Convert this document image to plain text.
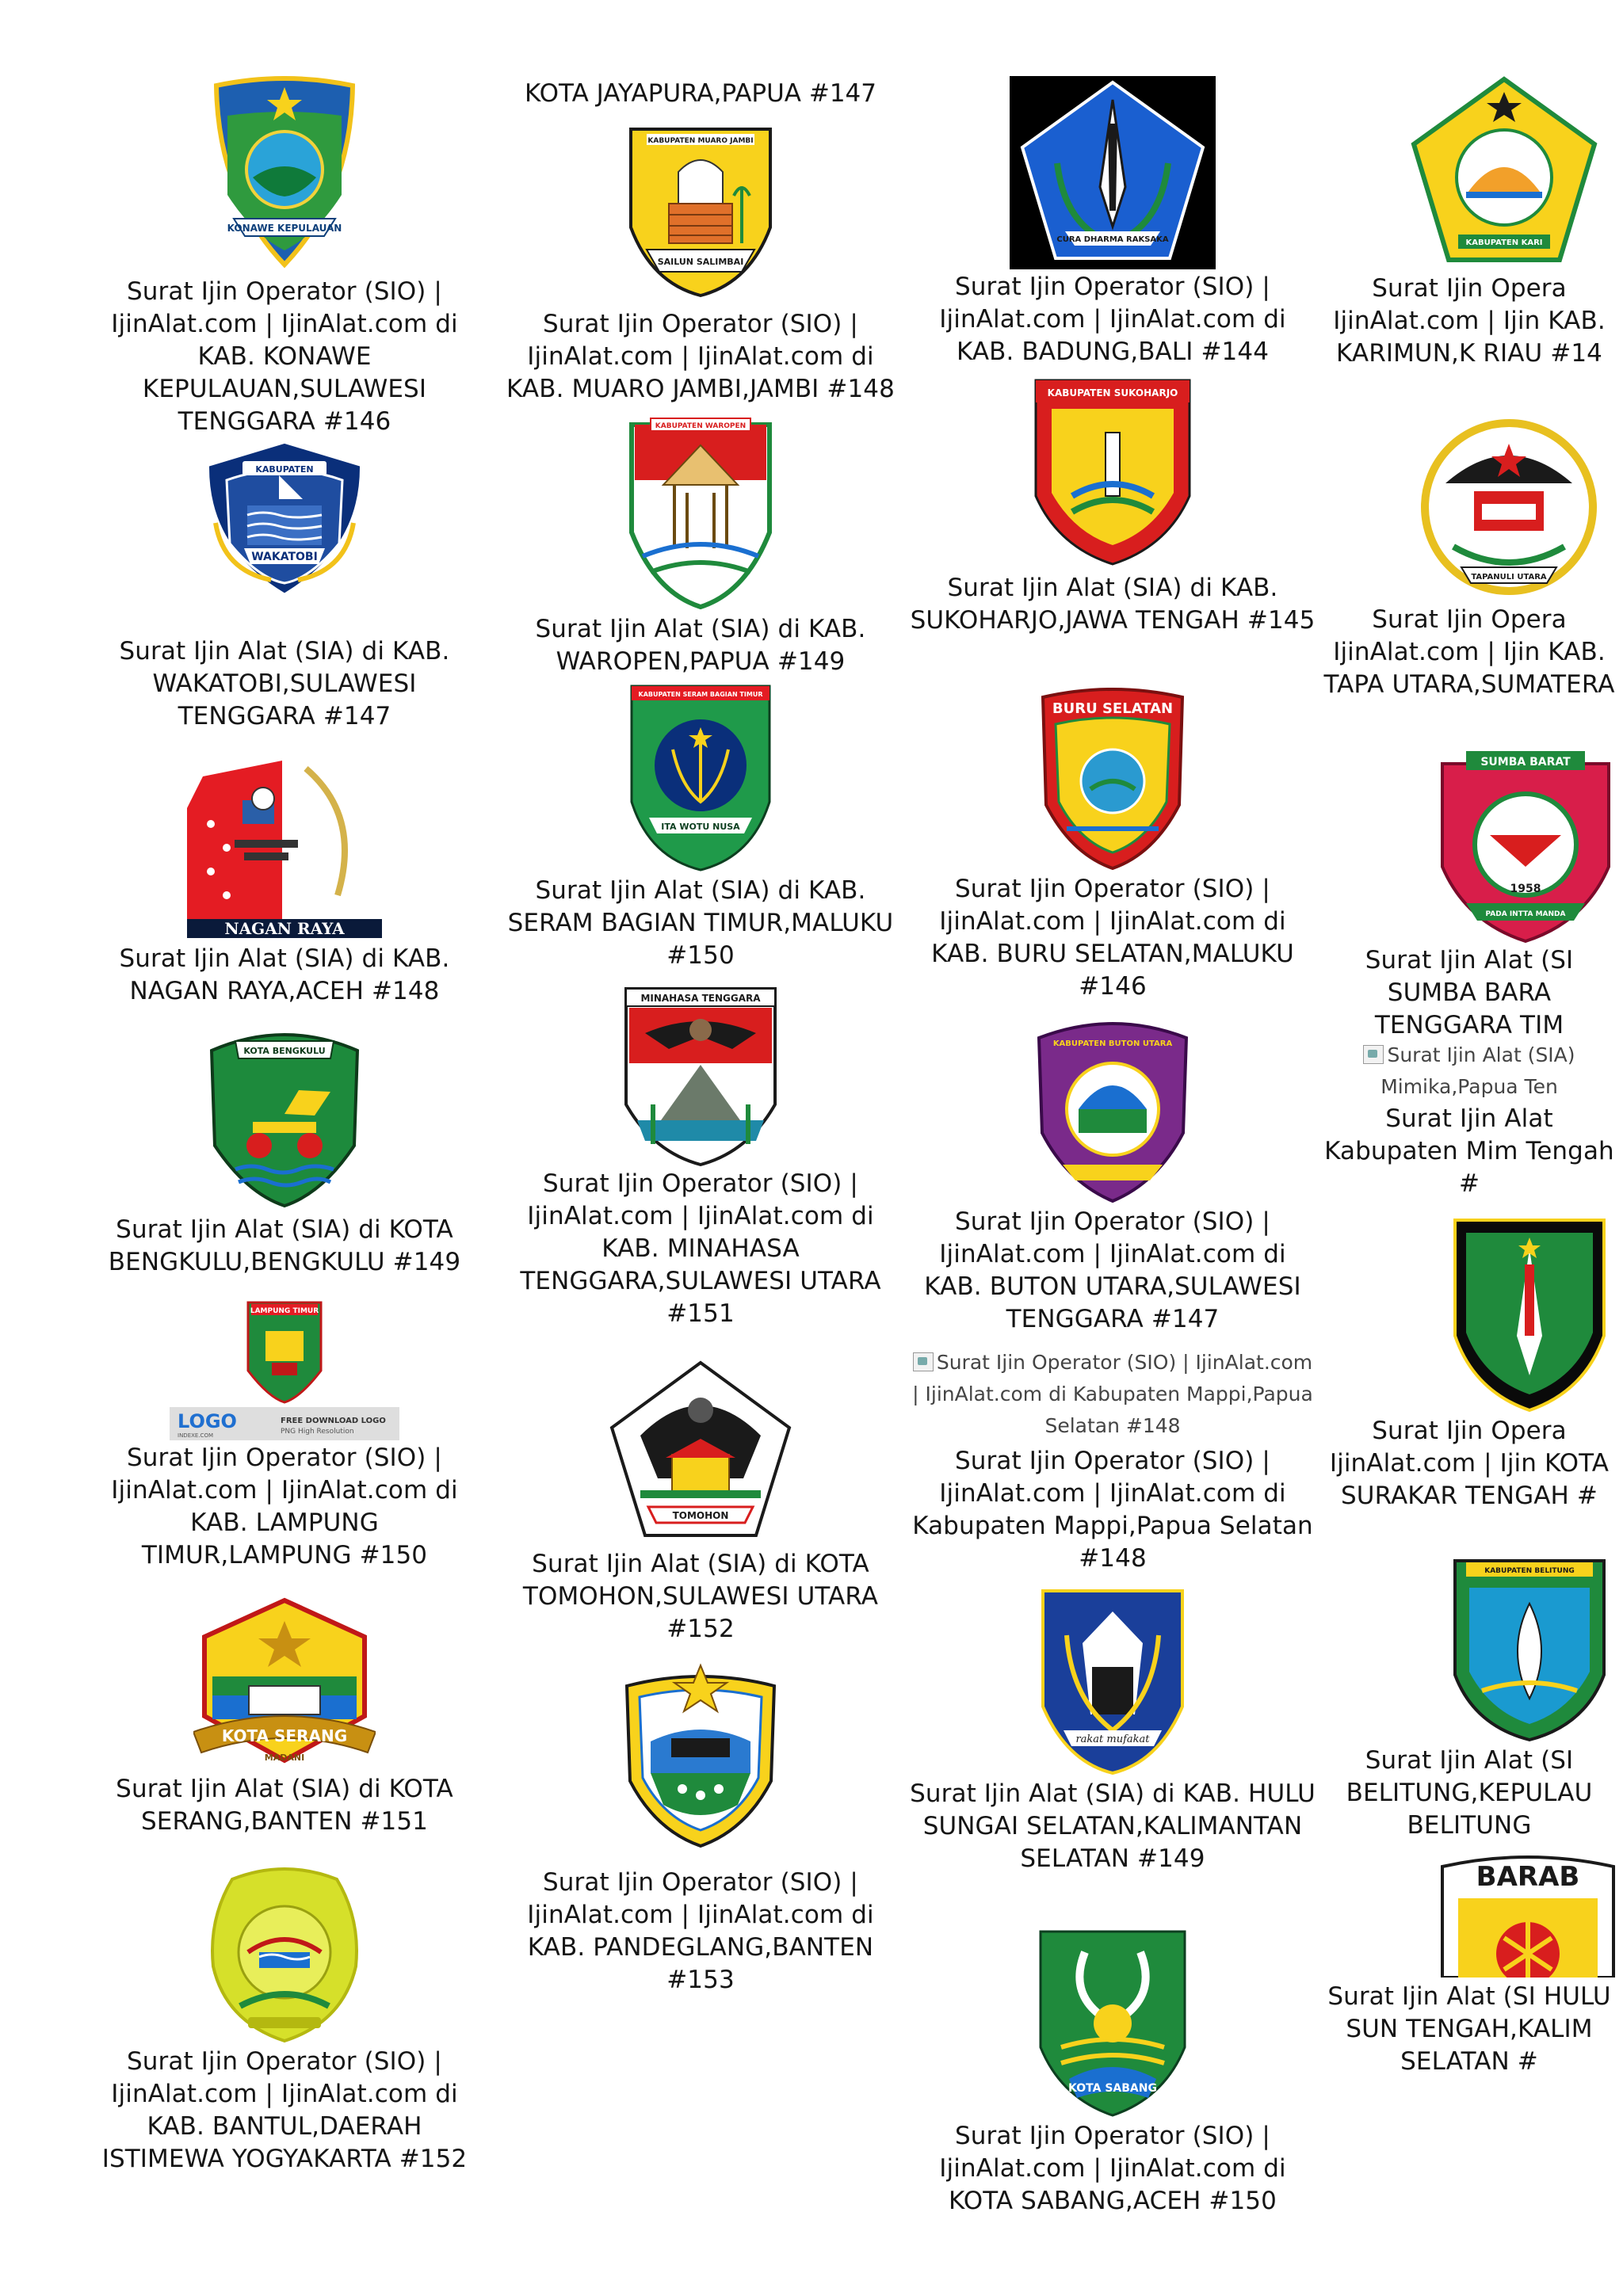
KONAWE KEPULAUAN
Surat Ijin Operator (SIO) | IjinAlat.com | IjinAlat.com di KAB. KONAWE KEPULAUAN,SULAWESI TENGGARA #146
KABUPATEN
WAKATOBI
Surat Ijin Alat (SIA) di KAB. WAKATOBI,SULAWESI TENGGARA #147
NAGAN RAYA
Surat Ijin Alat (SIA) di KAB. NAGAN RAYA,ACEH #148
KOTA BENGKULU
Surat Ijin Alat (SIA) di KOTA BENGKULU,BENGKULU #149
LAMPUNG TIMUR
LOGO
INDEXE.COM
FREE DOWNLOAD LOGO
PNG High Resolution
Surat Ijin Operator (SIO) | IjinAlat.com | IjinAlat.com di KAB. LAMPUNG TIMUR,LAMPUNG #150
KOTA SERANG
MADANI
Surat Ijin Alat (SIA) di KOTA SERANG,BANTEN #151
Surat Ijin Operator (SIO) | IjinAlat.com | IjinAlat.com di KAB. BANTUL,DAERAH ISTIMEWA YOGYAKARTA #152
KOTA JAYAPURA,PAPUA #147
KABUPATEN MUARO JAMBI
SAILUN SALIMBAI
Surat Ijin Operator (SIO) | IjinAlat.com | IjinAlat.com di KAB. MUARO JAMBI,JAMBI #148
KABUPATEN WAROPEN
Surat Ijin Alat (SIA) di KAB. WAROPEN,PAPUA #149
KABUPATEN SERAM BAGIAN TIMUR
ITA WOTU NUSA
Surat Ijin Alat (SIA) di KAB. SERAM BAGIAN TIMUR,MALUKU #150
MINAHASA TENGGARA
Surat Ijin Operator (SIO) | IjinAlat.com | IjinAlat.com di KAB. MINAHASA TENGGARA,SULAWESI UTARA #151
TOMOHON
Surat Ijin Alat (SIA) di KOTA TOMOHON,SULAWESI UTARA #152
Surat Ijin Operator (SIO) | IjinAlat.com | IjinAlat.com di KAB. PANDEGLANG,BANTEN #153
CURA DHARMA RAKSAKA
Surat Ijin Operator (SIO) | IjinAlat.com | IjinAlat.com di KAB. BADUNG,BALI #144
KABUPATEN SUKOHARJO
Surat Ijin Alat (SIA) di KAB. SUKOHARJO,JAWA TENGAH #145
BURU SELATAN
Surat Ijin Operator (SIO) | IjinAlat.com | IjinAlat.com di KAB. BURU SELATAN,MALUKU #146
KABUPATEN BUTON UTARA
Surat Ijin Operator (SIO) | IjinAlat.com | IjinAlat.com di KAB. BUTON UTARA,SULAWESI TENGGARA #147
Surat Ijin Operator (SIO) | IjinAlat.com | IjinAlat.com di Kabupaten Mappi,Papua Selatan #148
Surat Ijin Operator (SIO) | IjinAlat.com | IjinAlat.com di Kabupaten Mappi,Papua Selatan #148
rakat mufakat
Surat Ijin Alat (SIA) di KAB. HULU SUNGAI SELATAN,KALIMANTAN SELATAN #149
KOTA SABANG
Surat Ijin Operator (SIO) | IjinAlat.com | IjinAlat.com di KOTA SABANG,ACEH #150
KABUPATEN KARI
Surat Ijin Opera IjinAlat.com | Ijin KAB. KARIMUN,K RIAU #14
TAPANULI UTARA
Surat Ijin Opera IjinAlat.com | Ijin KAB. TAPA UTARA,SUMATERA
SUMBA BARAT
1958
PADA INTTA MANDA
Surat Ijin Alat (SI SUMBA BARA TENGGARA TIM
Surat Ijin Alat (SIA) Mimika,Papua Ten
Surat Ijin Alat Kabupaten Mim Tengah #
Surat Ijin Opera IjinAlat.com | Ijin KOTA SURAKAR TENGAH #
KABUPATEN BELITUNG
Surat Ijin Alat (SI BELITUNG,KEPULAU BELITUNG
BARAB
Surat Ijin Alat (SI HULU SUN TENGAH,KALIM SELATAN #
